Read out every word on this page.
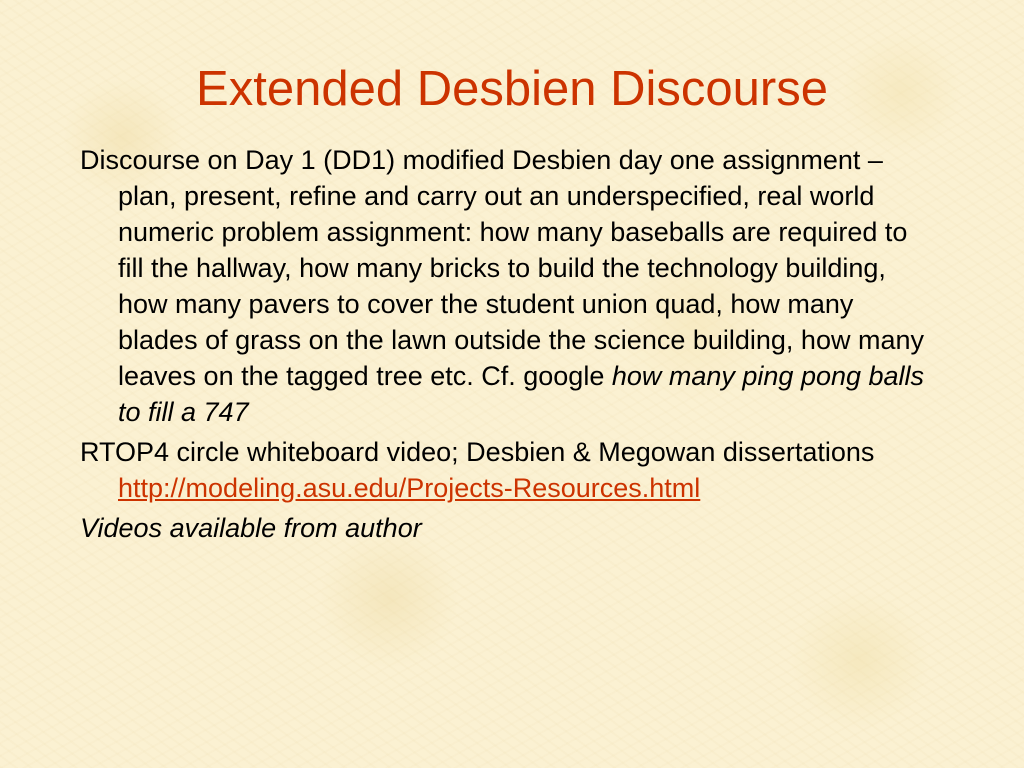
Extended Desbien Discourse

Discourse on Day 1 (DD1) modified Desbien day one assignment – plan, present, refine and carry out an underspecified, real world numeric problem assignment: how many baseballs are required to fill the hallway, how many bricks to build the technology building, how many pavers to cover the student union quad, how many blades of grass on the lawn outside the science building, how many leaves on the tagged tree etc. Cf. google how many ping pong balls to fill a 747

RTOP4 circle whiteboard video; Desbien & Megowan dissertations http://modeling.asu.edu/Projects-Resources.html

Videos available from author
